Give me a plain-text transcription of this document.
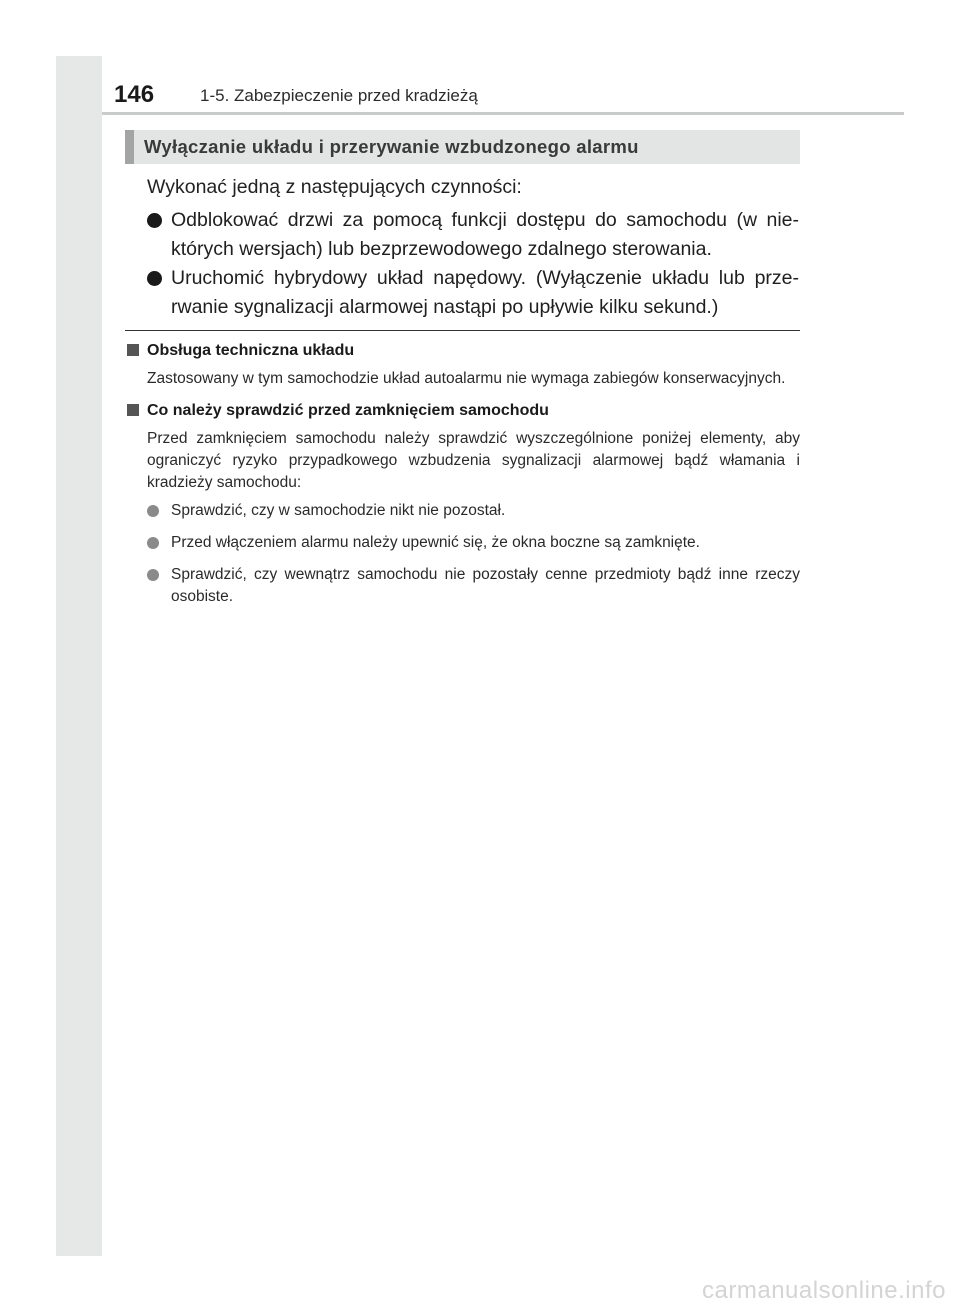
146	1-5. Zabezpieczenie przed kradzieżą
Wyłączanie układu i przerywanie wzbudzonego alarmu
Wykonać jedną z następujących czynności:
Odblokować drzwi za pomocą funkcji dostępu do samochodu (w nie-których wersjach) lub bezprzewodowego zdalnego sterowania.
Uruchomić hybrydowy układ napędowy. (Wyłączenie układu lub prze-rwanie sygnalizacji alarmowej nastąpi po upływie kilku sekund.)
Obsługa techniczna układu
Zastosowany w tym samochodzie układ autoalarmu nie wymaga zabiegów konserwacyjnych.
Co należy sprawdzić przed zamknięciem samochodu
Przed zamknięciem samochodu należy sprawdzić wyszczególnione poniżej elementy, aby ograniczyć ryzyko przypadkowego wzbudzenia sygnalizacji alarmowej bądź włamania i kradzieży samochodu:
Sprawdzić, czy w samochodzie nikt nie pozostał.
Przed włączeniem alarmu należy upewnić się, że okna boczne są zamknięte.
Sprawdzić, czy wewnątrz samochodu nie pozostały cenne przedmioty bądź inne rzeczy osobiste.
carmanualsonline.info
